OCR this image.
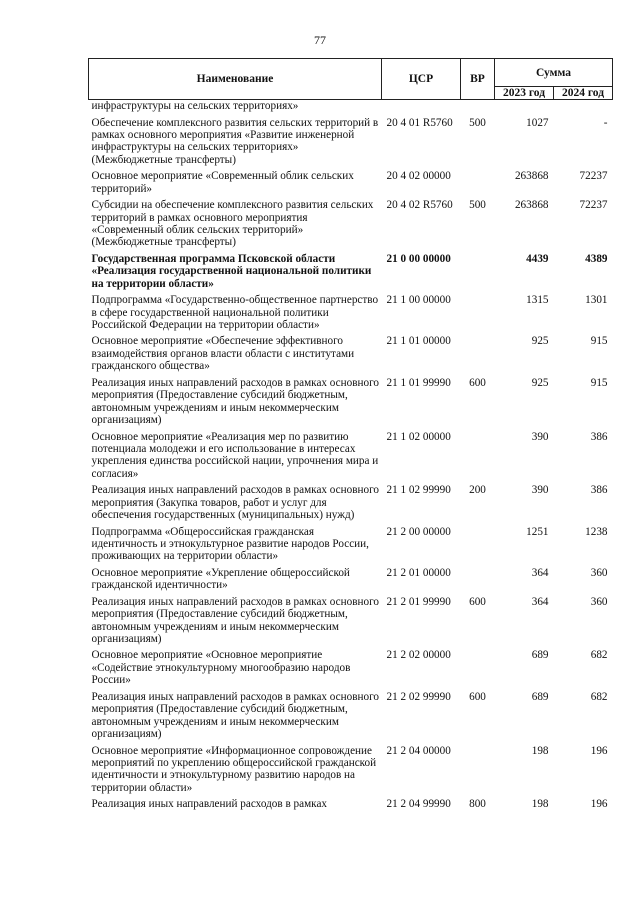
77
Наименование	ЦСР	ВР	Сумма	
			2023 год	2024 год
инфраструктуры на сельских территориях»				
Обеспечение комплексного развития сельских территорий в рамках основного мероприятия «Развитие инженерной инфраструктуры на сельских территориях» (Межбюджетные трансферты)	20 4 01 R5760	500	1027	-
Основное мероприятие «Современный облик сельских территорий»	20 4 02 00000		263868	72237
Субсидии на обеспечение комплексного развития сельских территорий в рамках основного мероприятия «Современный облик сельских территорий» (Межбюджетные трансферты)	20 4 02 R5760	500	263868	72237
Государственная программа Псковской области «Реализация государственной национальной политики на территории области»	21 0 00 00000		4439	4389
Подпрограмма «Государственно-общественное партнерство в сфере государственной национальной политики Российской Федерации на территории области»	21 1 00 00000		1315	1301
Основное мероприятие «Обеспечение эффективного взаимодействия органов власти области с институтами гражданского общества»	21 1 01 00000		925	915
Реализация иных направлений расходов в рамках основного мероприятия (Предоставление субсидий бюджетным, автономным учреждениям и иным некоммерческим организациям)	21 1 01 99990	600	925	915
Основное мероприятие «Реализация мер по развитию потенциала молодежи и его использование в интересах укрепления единства российской нации, упрочнения мира и согласия»	21 1 02 00000		390	386
Реализация иных направлений расходов в рамках основного мероприятия (Закупка товаров, работ и услуг для обеспечения государственных (муниципальных) нужд)	21 1 02 99990	200	390	386
Подпрограмма «Общероссийская гражданская идентичность и этнокультурное развитие народов России, проживающих на территории области»	21 2 00 00000		1251	1238
Основное мероприятие «Укрепление общероссийской гражданской идентичности»	21 2 01 00000		364	360
Реализация иных направлений расходов в рамках основного мероприятия (Предоставление субсидий бюджетным, автономным учреждениям и иным некоммерческим организациям)	21 2 01 99990	600	364	360
Основное мероприятие «Основное мероприятие «Содействие этнокультурному многообразию народов России»	21 2 02 00000		689	682
Реализация иных направлений расходов в рамках основного мероприятия (Предоставление субсидий бюджетным, автономным учреждениям и иным некоммерческим организациям)	21 2 02 99990	600	689	682
Основное мероприятие «Информационное сопровождение мероприятий по укреплению общероссийской гражданской идентичности и этнокультурному развитию народов на территории области»	21 2 04 00000		198	196
Реализация иных направлений расходов в рамках	21 2 04 99990	800	198	196
